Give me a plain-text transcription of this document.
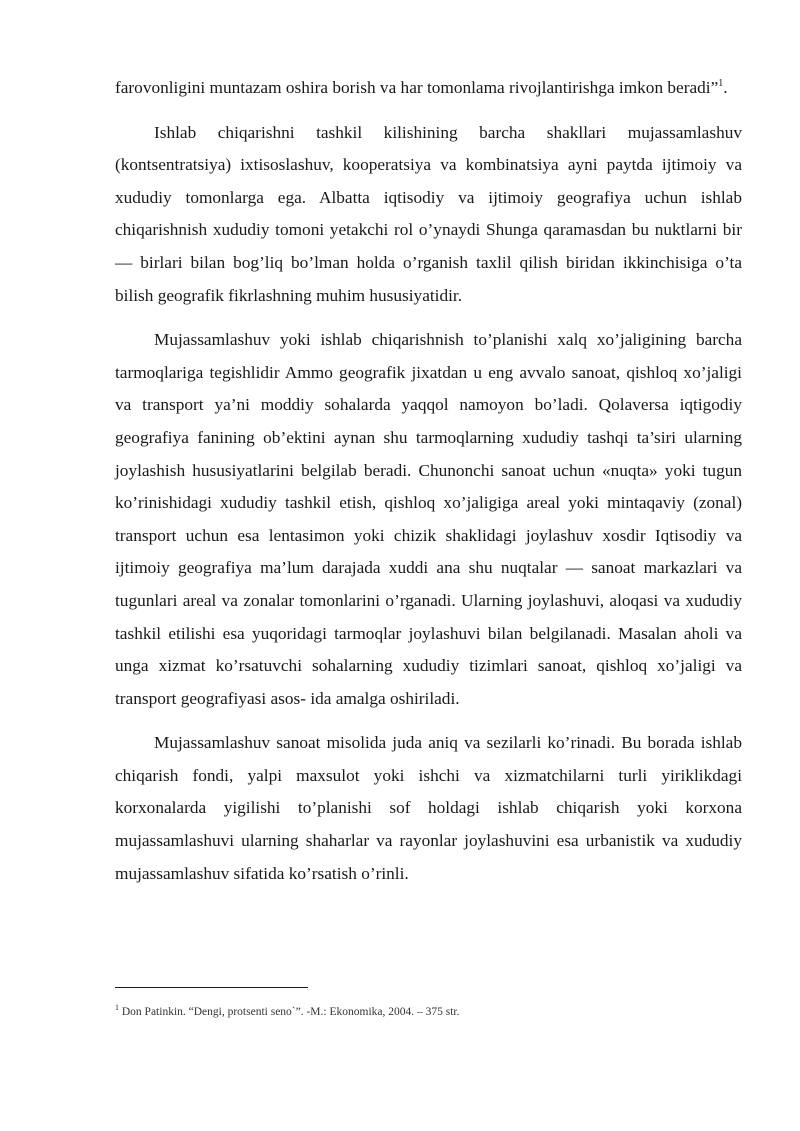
farovonligini muntazam oshira borish va har tomonlama rivojlantirishga imkon beradi”$^1$.

Ishlab chiqarishni tashkil kilishining barcha shakllari mujassamlashuv (kontsentratsiya) ixtisoslashuv, kooperatsiya va kombinatsiya ayni paytda ijtimoiy va xududiy tomonlarga ega. Albatta iqtisodiy va ijtimoiy geografiya uchun ishlab chiqarishnish xududiy tomoni yetakchi rol o’ynaydi Shunga qaramasdan bu nuktlarni bir — birlari bilan bog’liq bo’lman holda o’rganish taxlil qilish biridan ikkinchisiga o’ta bilish geografik fikrlashning muhim hususiyatidir.

Mujassamlashuv yoki ishlab chiqarishnish to’planishi xalq xo’jaligining barcha tarmoqlariga tegishlidir Ammo geografik jixatdan u eng avvalo sanoat, qishloq xo’jaligi va transport ya’ni moddiy sohalarda yaqqol namoyon bo’ladi. Qolaversa iqtigodiy geografiya fanining ob’ektini aynan shu tarmoqlarning xududiy tashqi ta’siri ularning joylashish hususiyatlarini belgilab beradi. Chunonchi sanoat uchun «nuqta» yoki tugun ko’rinishidagi xududiy tashkil etish, qishloq xo’jaligiga areal yoki mintaqaviy (zonal) transport uchun esa lentasimon yoki chizik shaklidagi joylashuv xosdir Iqtisodiy va ijtimoiy geografiya ma’lum darajada xuddi ana shu nuqtalar — sanoat markazlari va tugunlari areal va zonalar tomonlarini o’rganadi. Ularning joylashuvi, aloqasi va xududiy tashkil etilishi esa yuqoridagi tarmoqlar joylashuvi bilan belgilanadi. Masalan aholi va unga xizmat ko’rsatuvchi sohalarning xududiy tizimlari sanoat, qishloq xo’jaligi va transport geografiyasi asos- ida amalga oshiriladi.

Mujassamlashuv sanoat misolida juda aniq va sezilarli ko’rinadi. Bu borada ishlab chiqarish fondi, yalpi maxsulot yoki ishchi va xizmatchilarni turli yiriklikdagi korxonalarda yigilishi to’planishi sof holdagi ishlab chiqarish yoki korxona mujassamlashuvi ularning shaharlar va rayonlar joylashuvini esa urbanistik va xududiy mujassamlashuv sifatida ko’rsatish o’rinli.

$^1$ Don Patinkin. “Dengi, protsenti seno`”. -M.: Ekonomika, 2004. – 375 str.
